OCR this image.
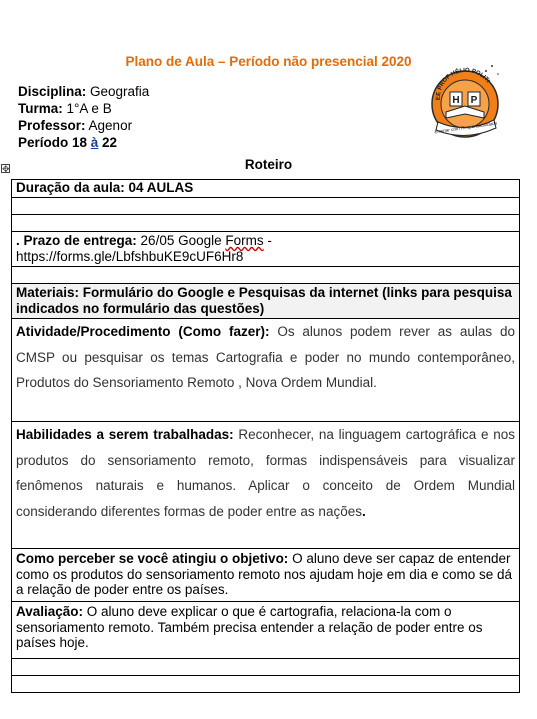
Plano de Aula – Período não presencial 2020
Disciplina: Geografia
Turma: 1°A e B
Professor: Agenor
Período 18 à 22
EE PROF HÉLIO POLITI
H P
Ensinar com Responsabilidade
Roteiro
✥
Duração da aula: 04 AULAS

. Prazo de entrega: 26/05 Google Forms -
https://forms.gle/LbfshbuKE9cUF6Hr8

Materiais: Formulário do Google e Pesquisas da internet (links para pesquisa indicados no formulário das questões)
Atividade/Procedimento (Como fazer): Os alunos podem rever as aulas do CMSP ou pesquisar os temas Cartografia e poder no mundo contemporâneo, Produtos do Sensoriamento Remoto , Nova Ordem Mundial.
Habilidades a serem trabalhadas: Reconhecer, na linguagem cartográfica e nos produtos do sensoriamento remoto, formas indispensáveis para visualizar fenômenos naturais e humanos. Aplicar o conceito de Ordem Mundial considerando diferentes formas de poder entre as nações.
Como perceber se você atingiu o objetivo: O aluno deve ser capaz de entender como os produtos do sensoriamento remoto nos ajudam hoje em dia e como se dá a relação de poder entre os países.
Avaliação: O aluno deve explicar o que é cartografia, relaciona-la com o sensoriamento remoto. Também precisa entender a relação de poder entre os países hoje.
